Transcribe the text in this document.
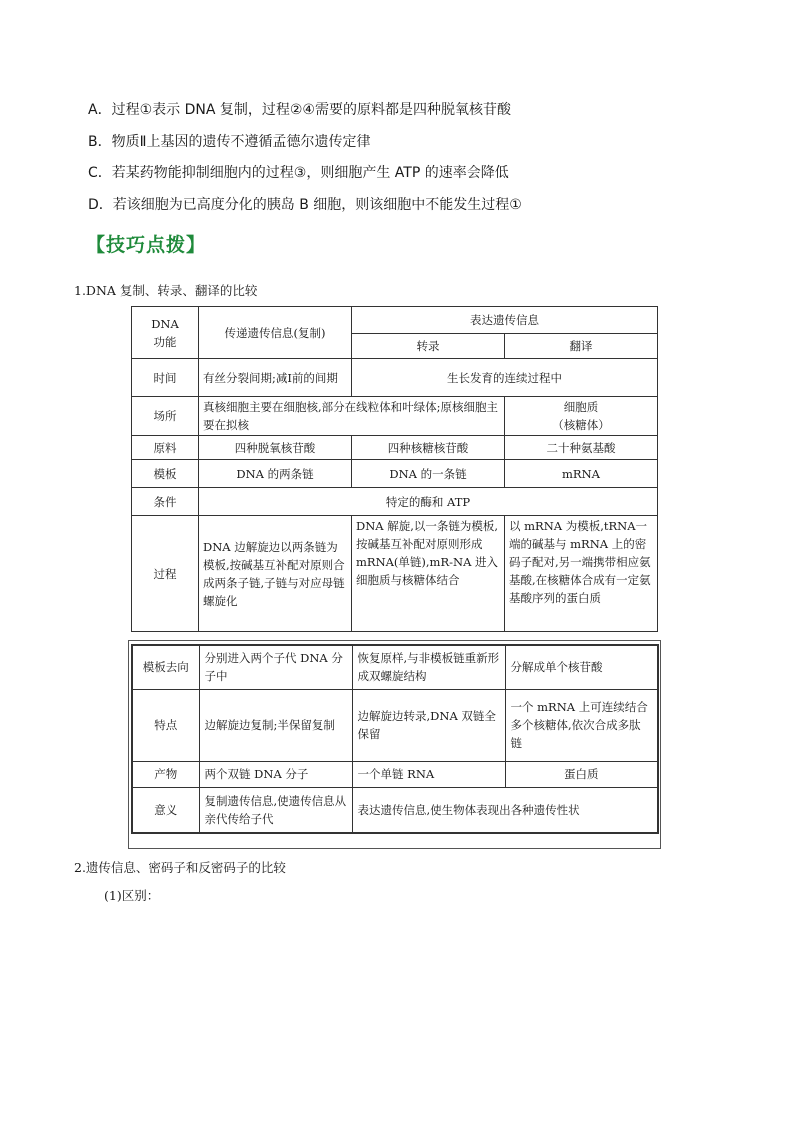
A．过程①表示 DNA 复制，过程②④需要的原料都是四种脱氧核苷酸
B．物质Ⅱ上基因的遗传不遵循孟德尔遗传定律
C．若某药物能抑制细胞内的过程③，则细胞产生 ATP 的速率会降低
D．若该细胞为已高度分化的胰岛 B 细胞，则该细胞中不能发生过程①
【技巧点拨】
1.DNA 复制、转录、翻译的比较
DNA
功能	传递遗传信息(复制)	表达遗传信息	
		转录	翻译
时间	有丝分裂间期;减Ⅰ前的间期	生长发育的连续过程中	
场所	真核细胞主要在细胞核,部分在线粒体和叶绿体;原核细胞主要在拟核		细胞质
（核糖体）
原料	四种脱氧核苷酸	四种核糖核苷酸	二十种氨基酸
模板	DNA 的两条链	DNA 的一条链	mRNA
条件	特定的酶和 ATP		
过程	DNA 边解旋边以两条链为模板,按碱基互补配对原则合成两条子链,子链与对应母链螺旋化	DNA 解旋,以一条链为模板,按碱基互补配对原则形成 mRNA(单链),mR-NA 进入细胞质与核糖体结合	以 mRNA 为模板,tRNA一端的碱基与 mRNA 上的密码子配对,另一端携带相应氨基酸,在核糖体合成有一定氨基酸序列的蛋白质
模板去向	分别进入两个子代 DNA 分子中	恢复原样,与非模板链重新形成双螺旋结构	分解成单个核苷酸
特点	边解旋边复制;半保留复制	边解旋边转录,DNA 双链全保留	一个 mRNA 上可连续结合多个核糖体,依次合成多肽链
产物	两个双链 DNA 分子	一个单链 RNA	蛋白质
意义	复制遗传信息,使遗传信息从亲代传给子代	表达遗传信息,使生物体表现出各种遗传性状	
2.遗传信息、密码子和反密码子的比较
(1)区别：
